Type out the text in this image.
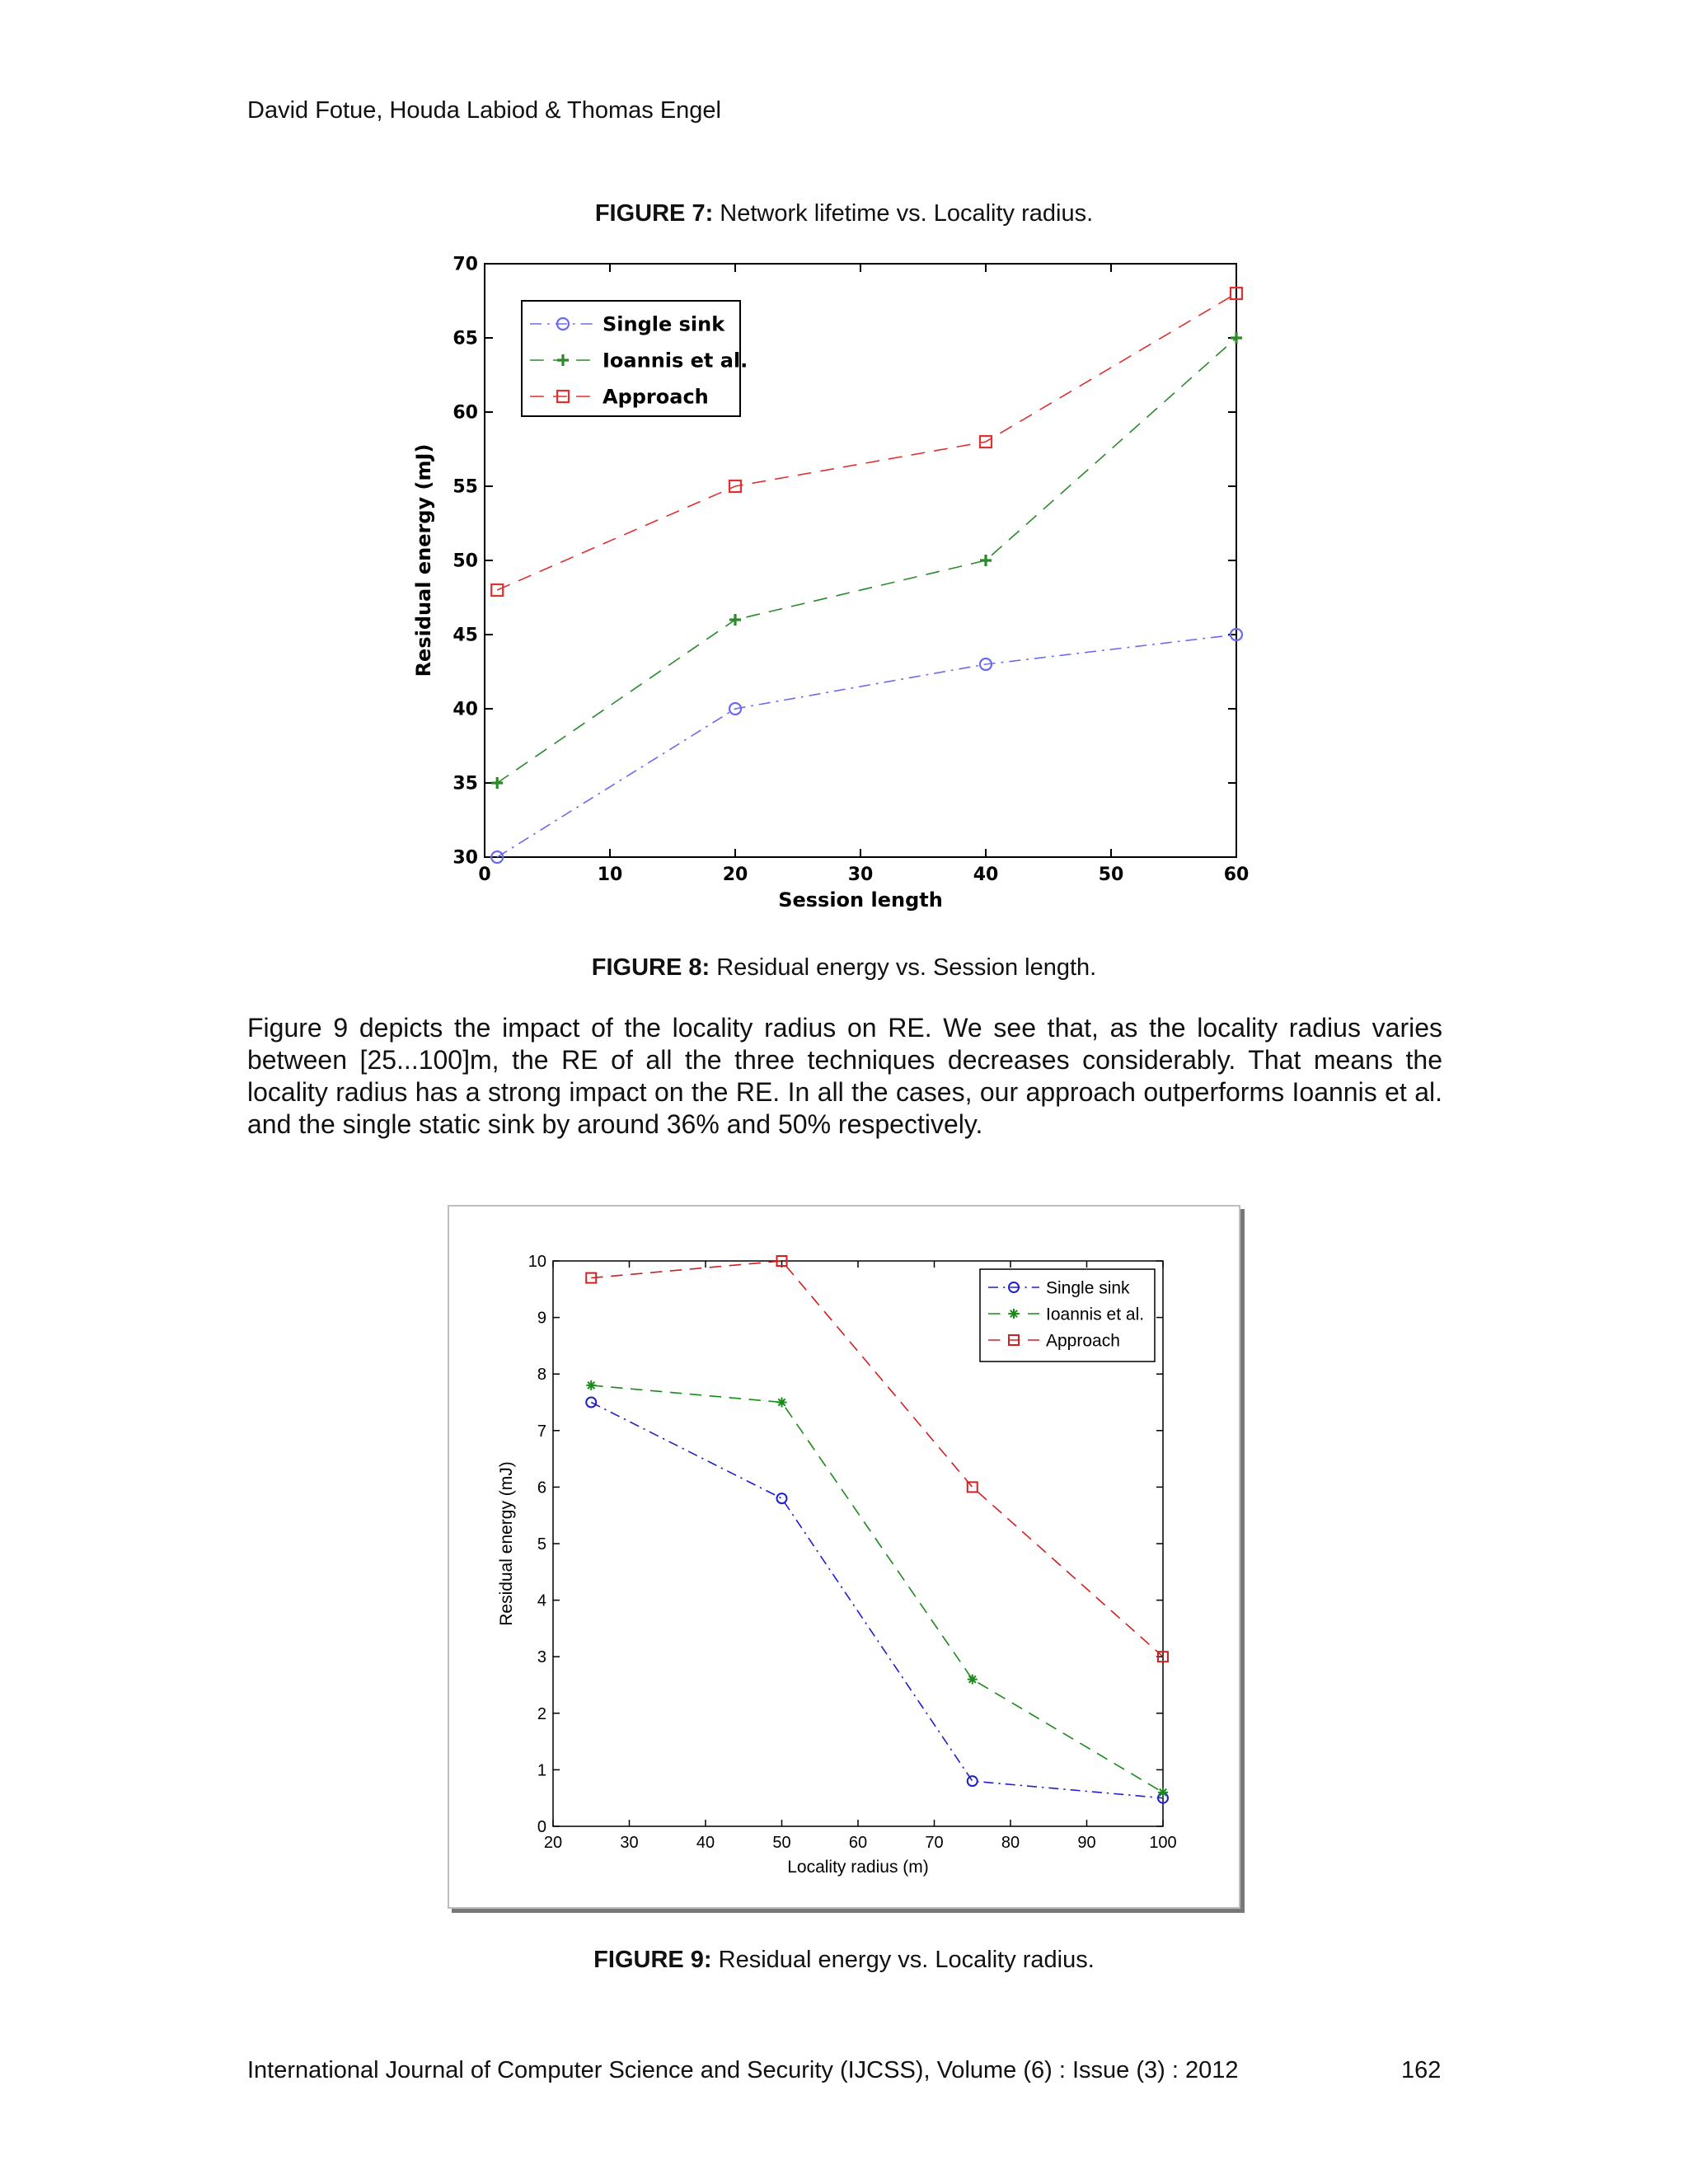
David Fotue, Houda Labiod & Thomas Engel
FIGURE 7: Network lifetime vs. Locality radius.
0	10	20	30	40	50	60
30
35
40
45
50
55
60
65
70
Session length
Residual energy (mJ)
Single sink
Ioannis et al.
Approach
FIGURE 8: Residual energy vs. Session length.
Figure 9 depicts the impact of the locality radius on RE. We see that, as the locality radius varies between [25...100]m, the RE of all the three techniques decreases considerably. That means the locality radius has a strong impact on the RE. In all the cases, our approach outperforms Ioannis et al. and the single static sink by around 36% and 50% respectively.
20	30	40	50	60	70	80	90	100
0
1
2
3
4
5
6
7
8
9
10
Locality radius (m)
Residual energy (mJ)
Single sink
Ioannis et al.
Approach
FIGURE 9: Residual energy vs. Locality radius.
International Journal of Computer Science and Security (IJCSS), Volume (6) : Issue (3) : 2012	162
